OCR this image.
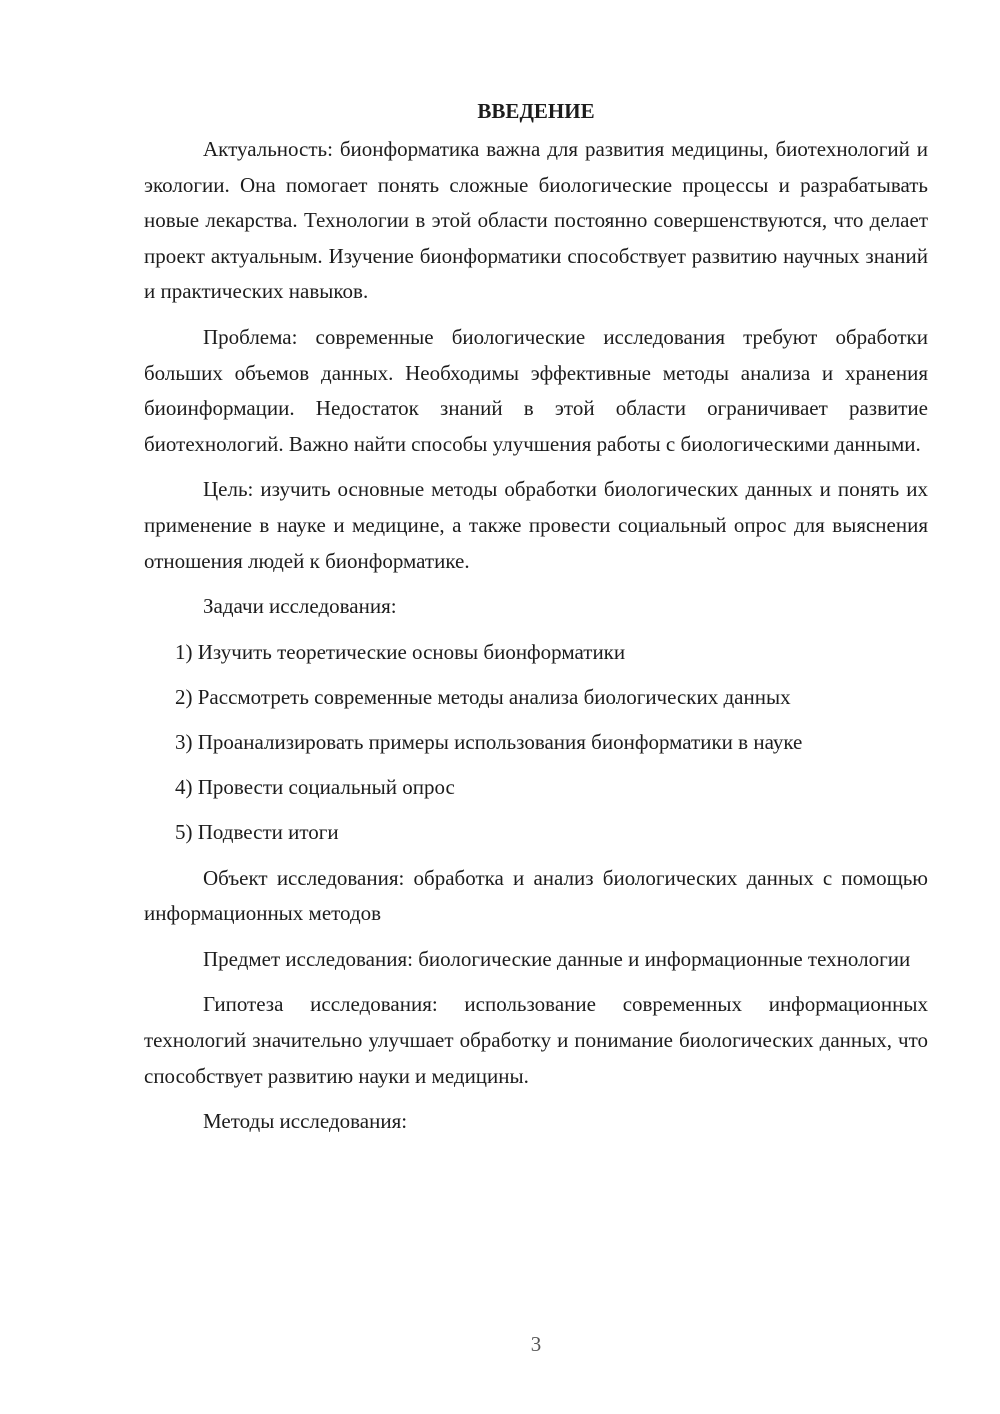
ВВЕДЕНИЕ

Актуальность: бионформатика важна для развития медицины, биотехнологий и экологии. Она помогает понять сложные биологические процессы и разрабатывать новые лекарства. Технологии в этой области постоянно совершенствуются, что делает проект актуальным. Изучение бионформатики способствует развитию научных знаний и практических навыков.

Проблема: современные биологические исследования требуют обработки больших объемов данных. Необходимы эффективные методы анализа и хранения биоинформации. Недостаток знаний в этой области ограничивает развитие биотехнологий. Важно найти способы улучшения работы с биологическими данными.

Цель: изучить основные методы обработки биологических данных и понять их применение в науке и медицине, а также провести социальный опрос для выяснения отношения людей к бионформатике.

Задачи исследования:

1) Изучить теоретические основы бионформатики
2) Рассмотреть современные методы анализа биологических данных
3) Проанализировать примеры использования бионформатики в науке
4) Провести социальный опрос
5) Подвести итоги

Объект исследования: обработка и анализ биологических данных с помощью информационных методов

Предмет исследования: биологические данные и информационные технологии

Гипотеза исследования: использование современных информационных технологий значительно улучшает обработку и понимание биологических данных, что способствует развитию науки и медицины.

Методы исследования:

3
